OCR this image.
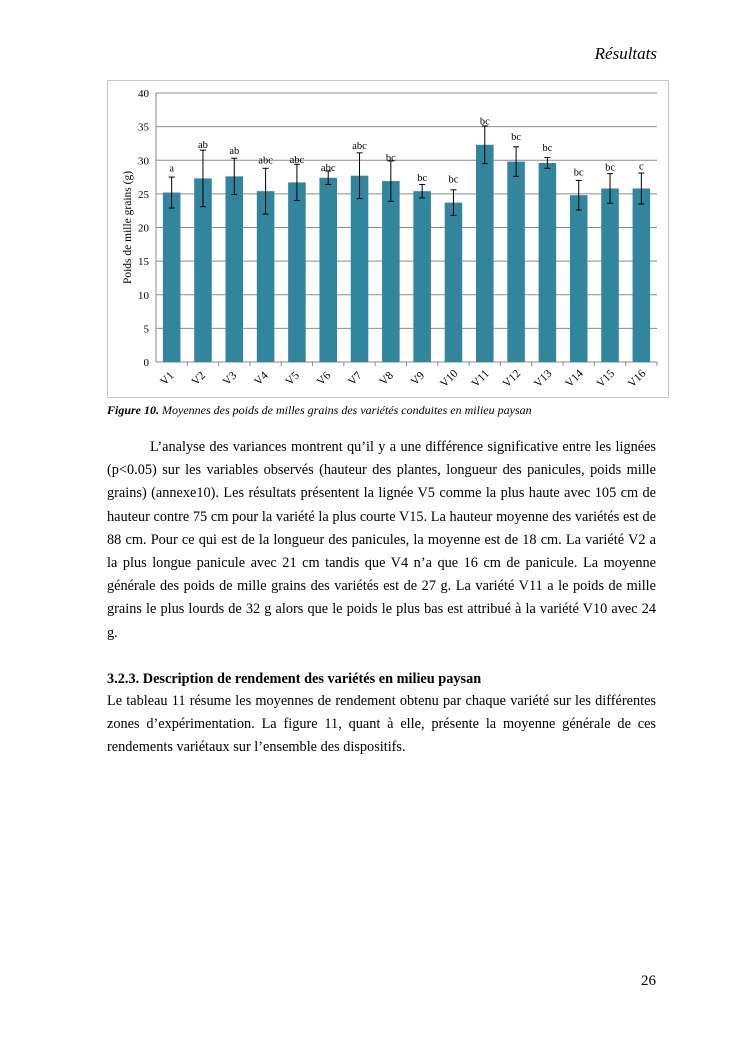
Résultats
0
5
10
15
20
25
30
35
40
Poids de mille grains (g)
a
V1
ab
V2
ab
V3
abc
V4
abc
V5
abc
V6
abc
V7
bc
V8
bc
V9
bc
V10
bc
V11
bc
V12
bc
V13
bc
V14
bc
V15
c
V16
Figure 10. Moyennes des poids de milles grains des variétés conduites en milieu paysan

L’analyse des variances montrent qu’il y a une différence significative entre les lignées (p<0.05) sur les variables observés (hauteur des plantes, longueur des panicules, poids mille grains) (annexe10). Les résultats présentent la lignée V5 comme la plus haute avec 105 cm de hauteur contre 75 cm pour la variété la plus courte V15. La hauteur moyenne des variétés est de 88 cm. Pour ce qui est de la longueur des panicules, la moyenne est de 18 cm. La variété V2 a la plus longue panicule avec 21 cm tandis que V4 n’a que 16 cm de panicule. La moyenne générale des poids de mille grains des variétés est de 27 g. La variété V11 a le poids de mille grains le plus lourds de 32 g alors que le poids le plus bas est attribué à la variété V10 avec 24 g.

3.2.3. Description de rendement des variétés en milieu paysan

Le tableau 11 résume les moyennes de rendement obtenu par chaque variété sur les différentes zones d’expérimentation. La figure 11, quant à elle, présente la moyenne générale de ces rendements variétaux sur l’ensemble des dispositifs.

26
